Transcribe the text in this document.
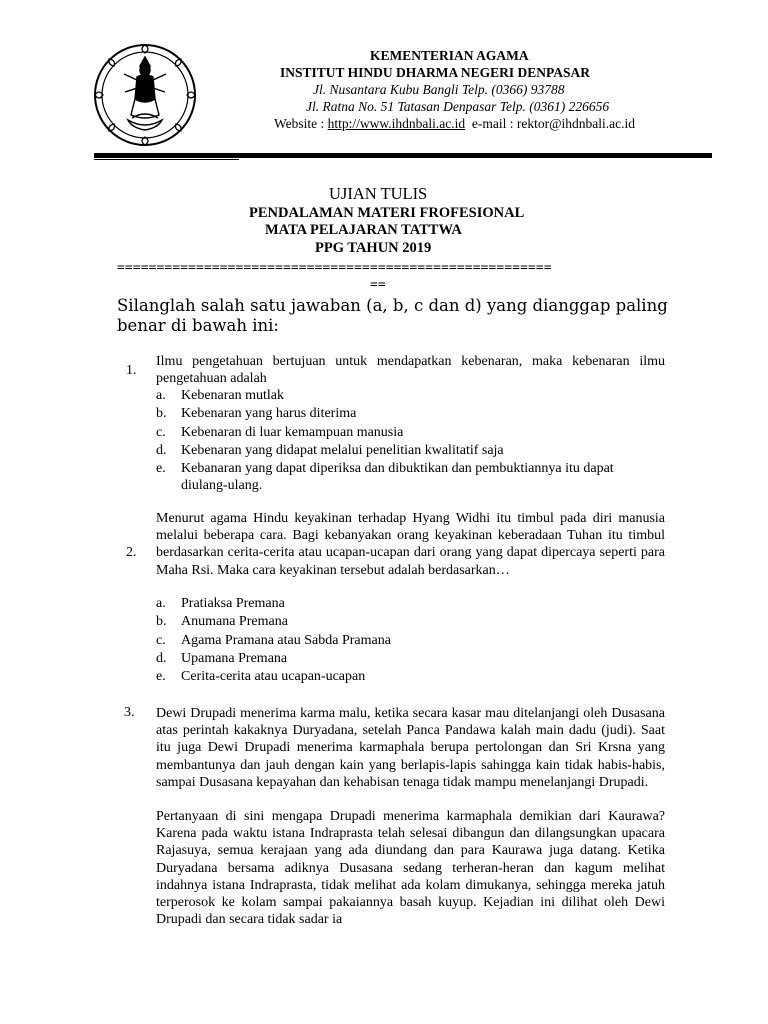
KEMENTERIAN AGAMA
INSTITUT HINDU DHARMA NEGERI DENPASAR
Jl. Nusantara Kubu Bangli Telp. (0366) 93788
Jl. Ratna No. 51 Tatasan Denpasar Telp. (0361) 226656
Website : http://www.ihdnbali.ac.id  e-mail : rektor@ihdnbali.ac.id
UJIAN TULIS
PENDALAMAN MATERI FROFESIONAL
MATA PELAJARAN TATTWA
PPG TAHUN 2019
=======================================================
==
Silanglah salah satu jawaban (a, b, c dan d) yang dianggap paling benar di bawah ini:
1.
Ilmu pengetahuan bertujuan untuk mendapatkan kebenaran, maka kebenaran ilmu pengetahuan adalah
a. Kebenaran mutlak
b. Kebenaran yang harus diterima
c. Kebenaran di luar kemampuan manusia
d. Kebenaran yang didapat melalui penelitian kwalitatif saja
e. Kebanaran yang dapat diperiksa dan dibuktikan dan pembuktiannya itu dapat diulang-ulang.
2.
Menurut agama Hindu keyakinan terhadap Hyang Widhi itu timbul pada diri manusia melalui beberapa cara. Bagi kebanyakan orang keyakinan keberadaan Tuhan itu timbul berdasarkan cerita-cerita atau ucapan-ucapan dari orang yang dapat dipercaya seperti para Maha Rsi. Maka cara keyakinan tersebut adalah berdasarkan…
a. Pratiaksa Premana
b. Anumana Premana
c. Agama Pramana atau Sabda Pramana
d. Upamana Premana
e. Cerita-cerita atau ucapan-ucapan
3. Dewi Drupadi menerima karma malu, ketika secara kasar mau ditelanjangi oleh Dusasana atas perintah kakaknya Duryadana, setelah Panca Pandawa kalah main dadu (judi). Saat itu juga Dewi Drupadi menerima karmaphala berupa pertolongan dan Sri Krsna yang membantunya dan jauh dengan kain yang berlapis-lapis sahingga kain tidak habis-habis, sampai Dusasana kepayahan dan kehabisan tenaga tidak mampu menelanjangi Drupadi.
Pertanyaan di sini mengapa Drupadi menerima karmaphala demikian dari Kaurawa? Karena pada waktu istana Indraprasta telah selesai dibangun dan dilangsungkan upacara Rajasuya, semua kerajaan yang ada diundang dan para Kaurawa juga datang. Ketika Duryadana bersama adiknya Dusasana sedang terheran-heran dan kagum melihat indahnya istana Indraprasta, tidak melihat ada kolam dimukanya, sehingga mereka jatuh terperosok ke kolam sampai pakaiannya basah kuyup. Kejadian ini dilihat oleh Dewi Drupadi dan secara tidak sadar ia
